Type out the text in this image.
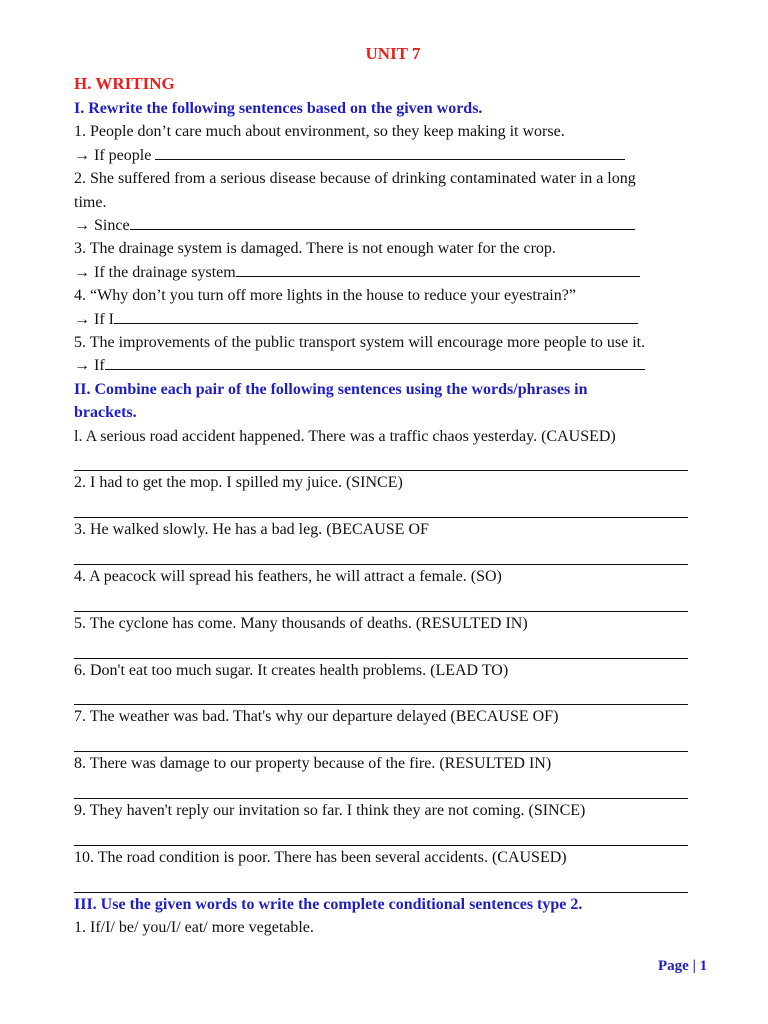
UNIT 7
H. WRITING
I. Rewrite the following sentences based on the given words.
1. People don’t care much about environment, so they keep making it worse.
→ If people
2. She suffered from a serious disease because of drinking contaminated water in a long
time.
→ Since
3. The drainage system is damaged. There is not enough water for the crop.
→ If the drainage system
4. “Why don’t you turn off more lights in the house to reduce your eyestrain?”
→ If I
5. The improvements of the public transport system will encourage more people to use it.
→ If
II. Combine each pair of the following sentences using the words/phrases in
brackets.
l. A serious road accident happened. There was a traffic chaos yesterday. (CAUSED)
2. I had to get the mop. I spilled my juice. (SINCE)
3. He walked slowly. He has a bad leg. (BECAUSE OF
4. A peacock will spread his feathers, he will attract a female. (SO)
5. The cyclone has come. Many thousands of deaths. (RESULTED IN)
6. Don't eat too much sugar. It creates health problems. (LEAD TO)
7. The weather was bad. That's why our departure delayed (BECAUSE OF)
8. There was damage to our property because of the fire. (RESULTED IN)
9. They haven't reply our invitation so far. I think they are not coming. (SINCE)
10. The road condition is poor. There has been several accidents. (CAUSED)
III. Use the given words to write the complete conditional sentences type 2.
1. If/I/ be/ you/I/ eat/ more vegetable.
Page | 1
